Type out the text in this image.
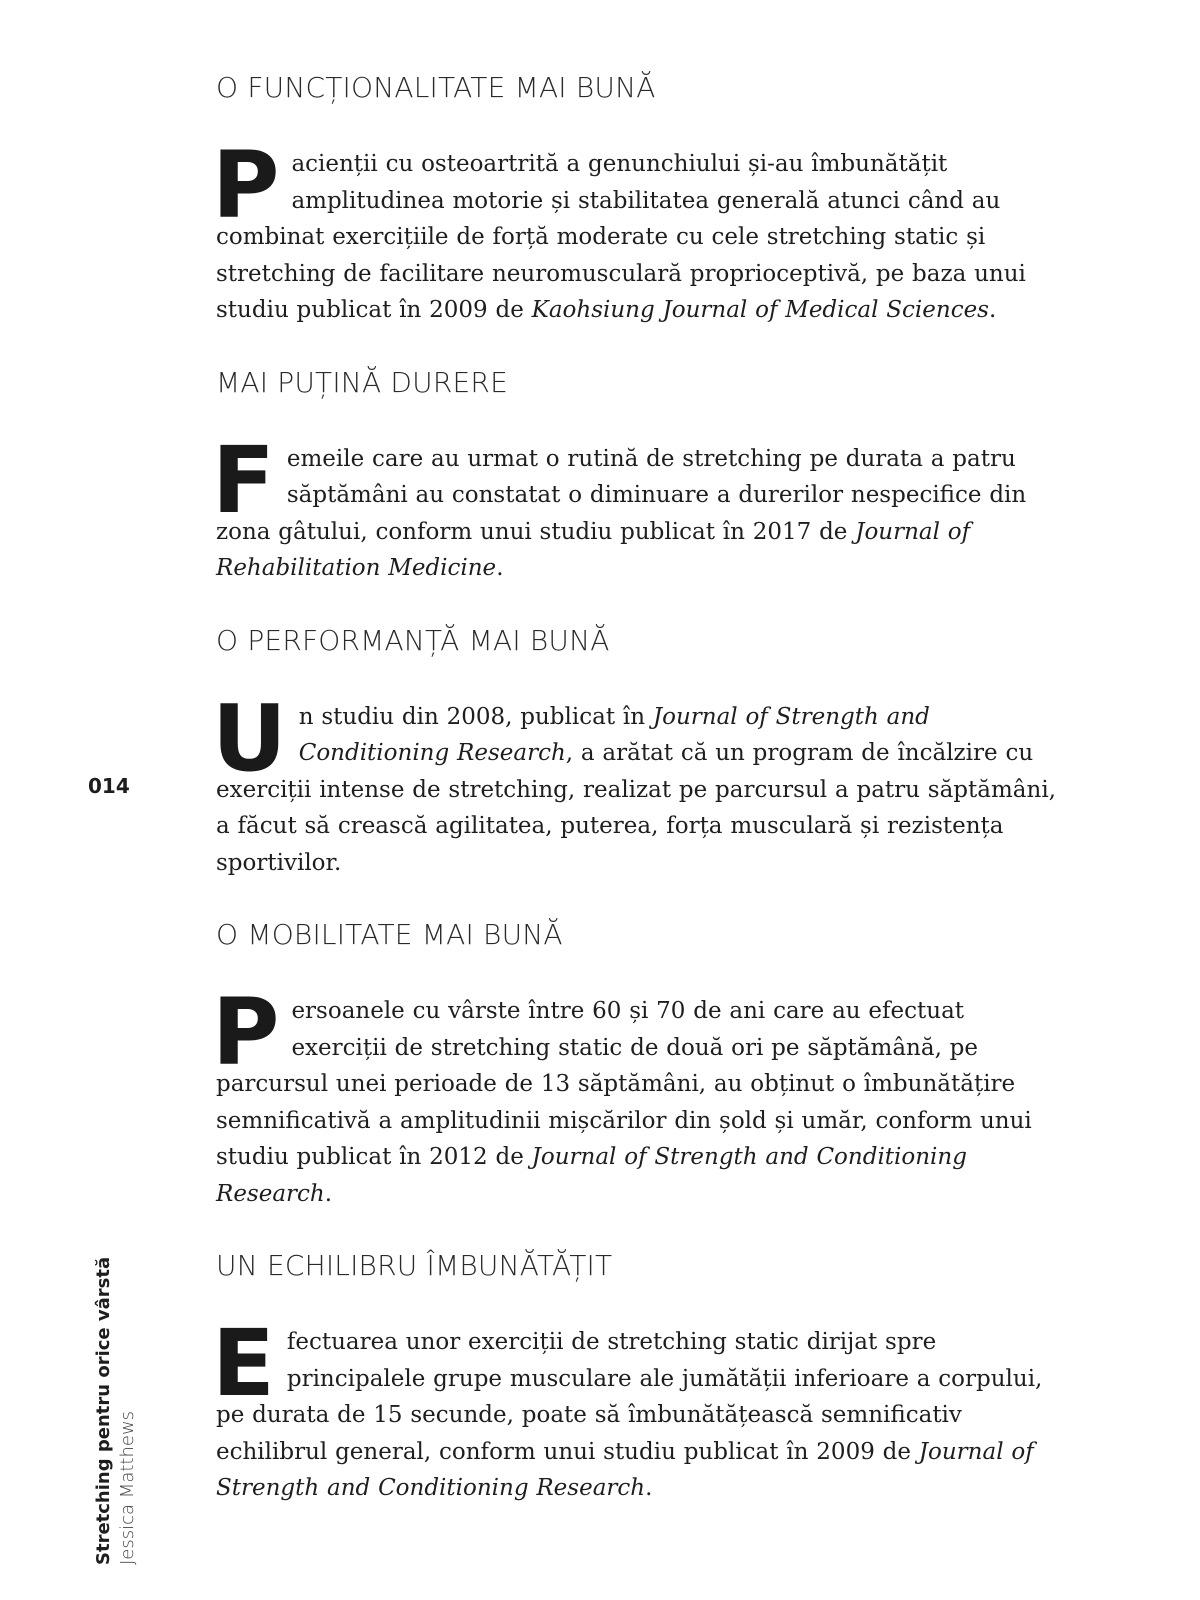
O FUNCȚIONALITATE MAI BUNĂ

Pacienții cu osteoartrită a genunchiului și-au îmbunătățit amplitudinea motorie și stabilitatea generală atunci când au combinat exercițiile de forță moderate cu cele stretching static și stretching de facilitare neuromusculară proprioceptivă, pe baza unui studiu publicat în 2009 de Kaohsiung Journal of Medical Sciences.

MAI PUȚINĂ DURERE

Femeile care au urmat o rutină de stretching pe durata a patru săptămâni au constatat o diminuare a durerilor nespecifice din zona gâtului, conform unui studiu publicat în 2017 de Journal of Rehabilitation Medicine.

O PERFORMANȚĂ MAI BUNĂ

Un studiu din 2008, publicat în Journal of Strength and Conditioning Research, a arătat că un program de încălzire cu exerciții intense de stretching, realizat pe parcursul a patru săptămâni, a făcut să crească agilitatea, puterea, forța musculară și rezistența sportivilor.

O MOBILITATE MAI BUNĂ

Persoanele cu vârste între 60 și 70 de ani care au efectuat exerciții de stretching static de două ori pe săptămână, pe parcursul unei perioade de 13 săptămâni, au obținut o îmbunătățire semnificativă a amplitudinii mișcărilor din șold și umăr, conform unui studiu publicat în 2012 de Journal of Strength and Conditioning Research.

UN ECHILIBRU ÎMBUNĂTĂȚIT

Efectuarea unor exerciții de stretching static dirijat spre principalele grupe musculare ale jumătății inferioare a corpului, pe durata de 15 secunde, poate să îmbunătățească semnificativ echilibrul general, conform unui studiu publicat în 2009 de Journal of Strength and Conditioning Research.

014
Stretching pentru orice vârstă Jessica Matthews
